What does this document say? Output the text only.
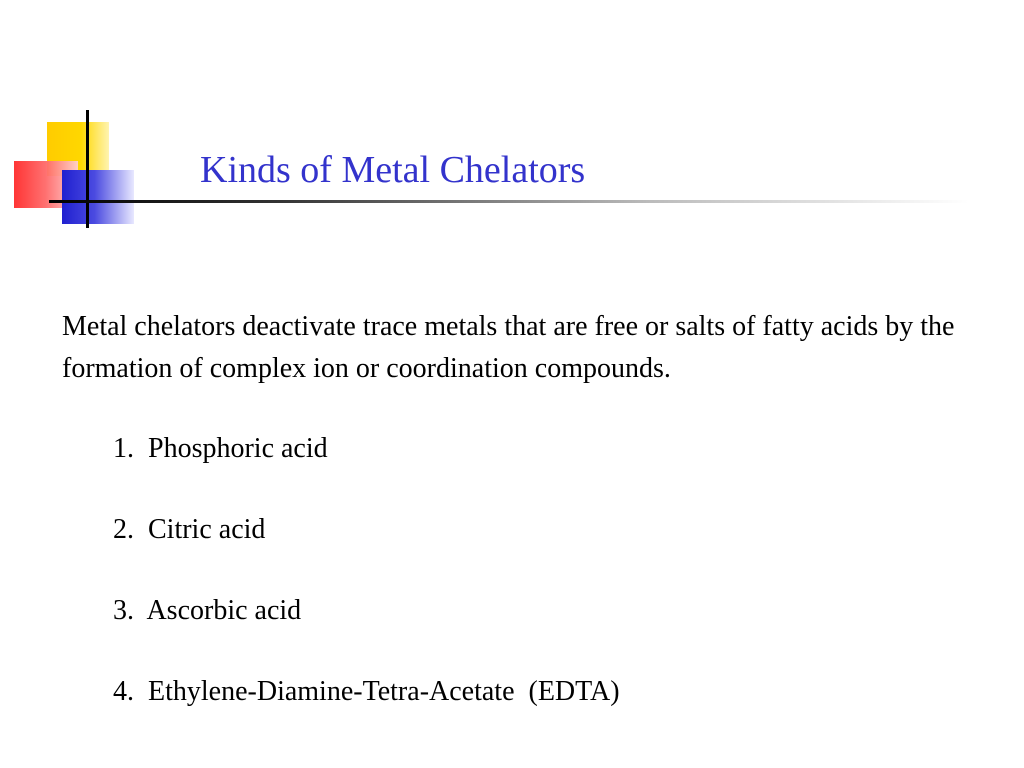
Kinds of Metal Chelators

Metal chelators deactivate trace metals that are free or salts of fatty acids by the formation of complex ion or coordination compounds.

1.  Phosphoric acid
2.  Citric acid
3.  Ascorbic acid
4.  Ethylene-Diamine-Tetra-Acetate  (EDTA)
